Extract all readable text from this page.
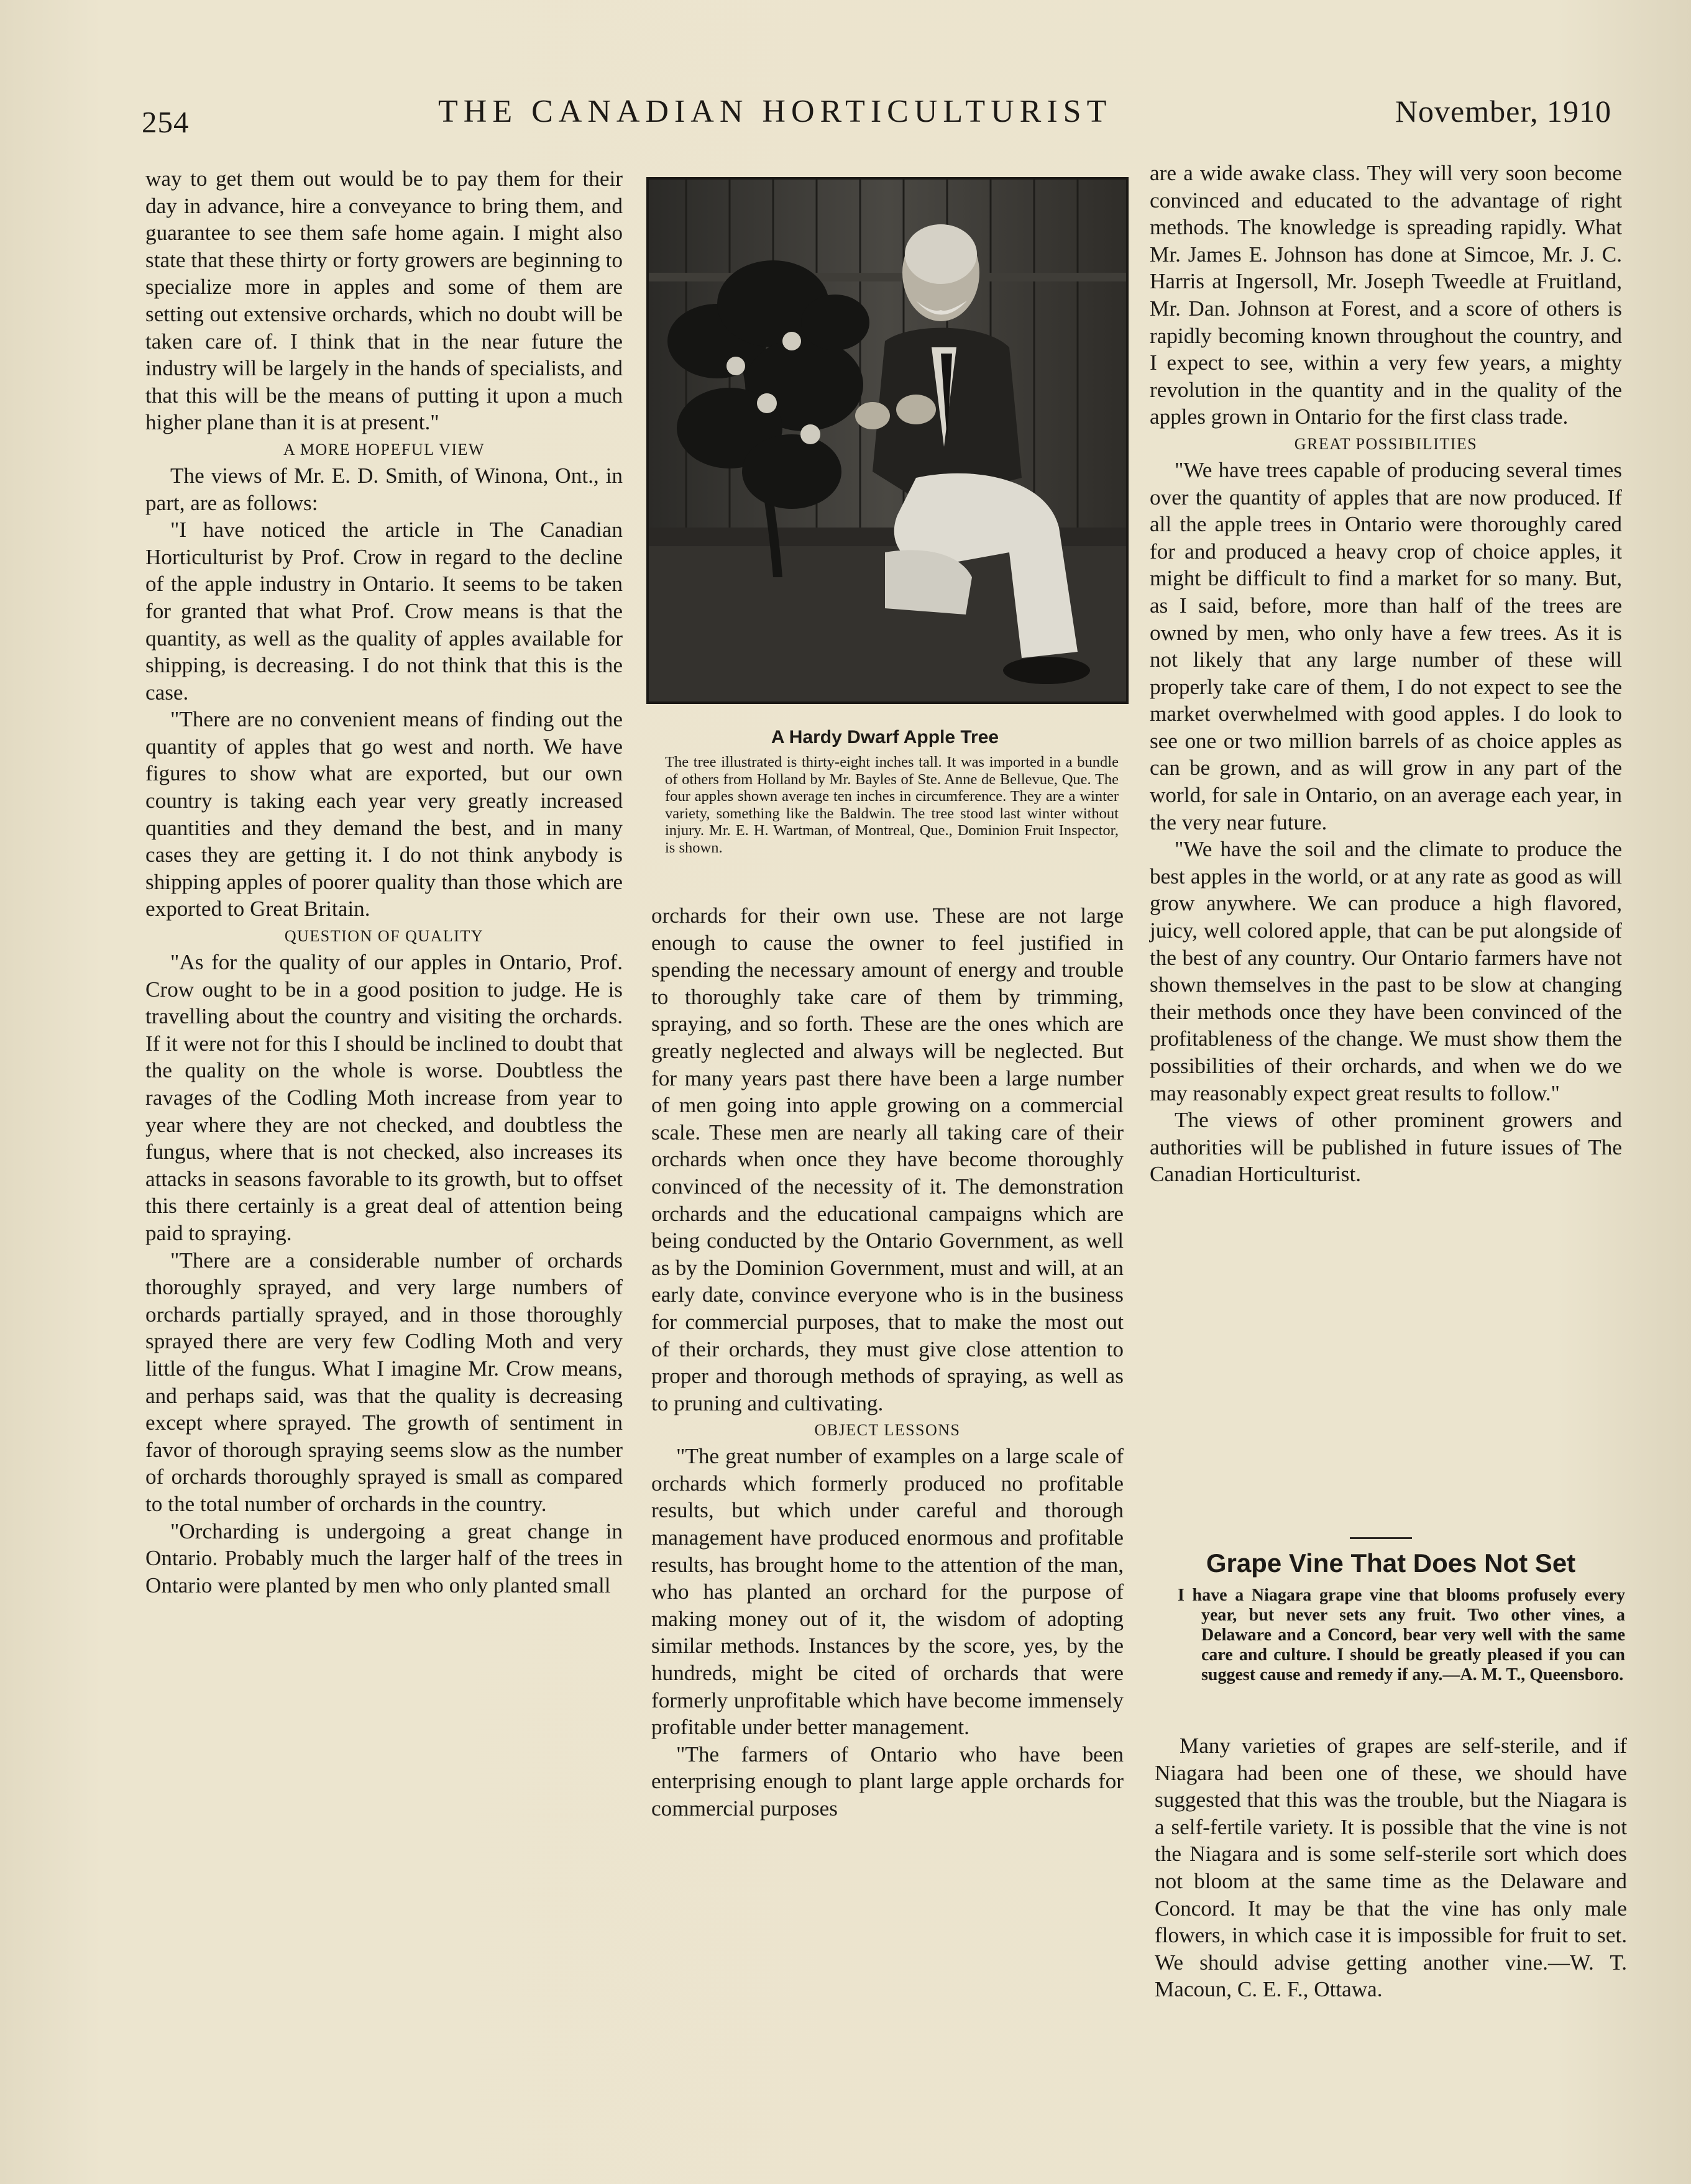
254	THE CANADIAN HORTICULTURIST	November, 1910

way to get them out would be to pay them for their day in advance, hire a conveyance to bring them, and guarantee to see them safe home again. I might also state that these thirty or forty growers are beginning to specialize more in apples and some of them are setting out extensive orchards, which no doubt will be taken care of. I think that in the near future the industry will be largely in the hands of specialists, and that this will be the means of putting it upon a much higher plane than it is at present."

A MORE HOPEFUL VIEW

The views of Mr. E. D. Smith, of Winona, Ont., in part, are as follows:

"I have noticed the article in The Canadian Horticulturist by Prof. Crow in regard to the decline of the apple industry in Ontario. It seems to be taken for granted that what Prof. Crow means is that the quantity, as well as the quality of apples available for shipping, is decreasing. I do not think that this is the case.

"There are no convenient means of finding out the quantity of apples that go west and north. We have figures to show what are exported, but our own country is taking each year very greatly increased quantities and they demand the best, and in many cases they are getting it. I do not think anybody is shipping apples of poorer quality than those which are exported to Great Britain.

QUESTION OF QUALITY

"As for the quality of our apples in Ontario, Prof. Crow ought to be in a good position to judge. He is travelling about the country and visiting the orchards. If it were not for this I should be inclined to doubt that the quality on the whole is worse. Doubtless the ravages of the Codling Moth increase from year to year where they are not checked, and doubtless the fungus, where that is not checked, also increases its attacks in seasons favorable to its growth, but to offset this there certainly is a great deal of attention being paid to spraying.

"There are a considerable number of orchards thoroughly sprayed, and very large numbers of orchards partially sprayed, and in those thoroughly sprayed there are very few Codling Moth and very little of the fungus. What I imagine Mr. Crow means, and perhaps said, was that the quality is decreasing except where sprayed. The growth of sentiment in favor of thorough spraying seems slow as the number of orchards thoroughly sprayed is small as compared to the total number of orchards in the country.

"Orcharding is undergoing a great change in Ontario. Probably much the larger half of the trees in Ontario were planted by men who only planted small

A Hardy Dwarf Apple Tree
The tree illustrated is thirty-eight inches tall. It was imported in a bundle of others from Holland by Mr. Bayles of Ste. Anne de Bellevue, Que. The four apples shown average ten inches in circumference. They are a winter variety, something like the Baldwin. The tree stood last winter without injury. Mr. E. H. Wartman, of Montreal, Que., Dominion Fruit Inspector, is shown.

orchards for their own use. These are not large enough to cause the owner to feel justified in spending the necessary amount of energy and trouble to thoroughly take care of them by trimming, spraying, and so forth. These are the ones which are greatly neglected and always will be neglected. But for many years past there have been a large number of men going into apple growing on a commercial scale. These men are nearly all taking care of their orchards when once they have become thoroughly convinced of the necessity of it. The demonstration orchards and the educational campaigns which are being conducted by the Ontario Government, as well as by the Dominion Government, must and will, at an early date, convince everyone who is in the business for commercial purposes, that to make the most out of their orchards, they must give close attention to proper and thorough methods of spraying, as well as to pruning and cultivating.

OBJECT LESSONS

"The great number of examples on a large scale of orchards which formerly produced no profitable results, but which under careful and thorough management have produced enormous and profitable results, has brought home to the attention of the man, who has planted an orchard for the purpose of making money out of it, the wisdom of adopting similar methods. Instances by the score, yes, by the hundreds, might be cited of orchards that were formerly unprofitable which have become immensely profitable under better management.

"The farmers of Ontario who have been enterprising enough to plant large apple orchards for commercial purposes

are a wide awake class. They will very soon become convinced and educated to the advantage of right methods. The knowledge is spreading rapidly. What Mr. James E. Johnson has done at Simcoe, Mr. J. C. Harris at Ingersoll, Mr. Joseph Tweedle at Fruitland, Mr. Dan. Johnson at Forest, and a score of others is rapidly becoming known throughout the country, and I expect to see, within a very few years, a mighty revolution in the quantity and in the quality of the apples grown in Ontario for the first class trade.

GREAT POSSIBILITIES

"We have trees capable of producing several times over the quantity of apples that are now produced. If all the apple trees in Ontario were thoroughly cared for and produced a heavy crop of choice apples, it might be difficult to find a market for so many. But, as I said, before, more than half of the trees are owned by men, who only have a few trees. As it is not likely that any large number of these will properly take care of them, I do not expect to see the market overwhelmed with good apples. I do look to see one or two million barrels of as choice apples as can be grown, and as will grow in any part of the world, for sale in Ontario, on an average each year, in the very near future.

"We have the soil and the climate to produce the best apples in the world, or at any rate as good as will grow anywhere. We can produce a high flavored, juicy, well colored apple, that can be put alongside of the best of any country. Our Ontario farmers have not shown themselves in the past to be slow at changing their methods once they have been convinced of the profitableness of the change. We must show them the possibilities of their orchards, and when we do we may reasonably expect great results to follow."

The views of other prominent growers and authorities will be published in future issues of The Canadian Horticulturist.

Grape Vine That Does Not Set
I have a Niagara grape vine that blooms profusely every year, but never sets any fruit. Two other vines, a Delaware and a Concord, bear very well with the same care and culture. I should be greatly pleased if you can suggest cause and remedy if any.—A. M. T., Queensboro.

Many varieties of grapes are self-sterile, and if Niagara had been one of these, we should have suggested that this was the trouble, but the Niagara is a self-fertile variety. It is possible that the vine is not the Niagara and is some self-sterile sort which does not bloom at the same time as the Delaware and Concord. It may be that the vine has only male flowers, in which case it is impossible for fruit to set. We should advise getting another vine.—W. T. Macoun, C. E. F., Ottawa.
